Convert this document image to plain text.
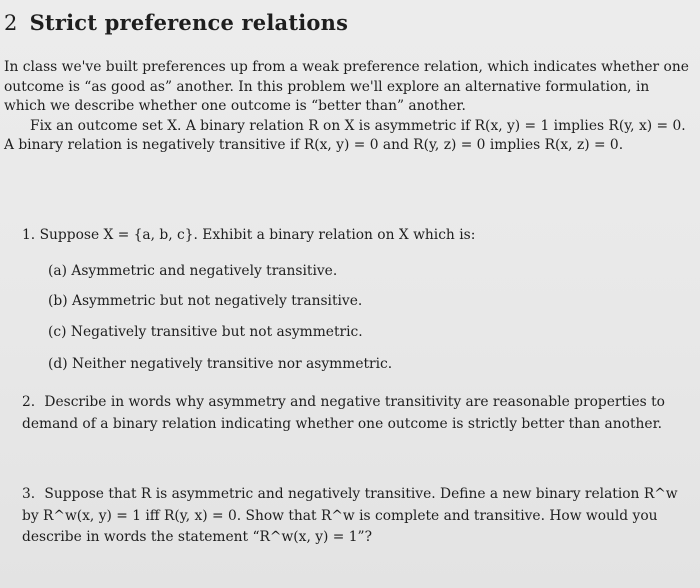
2 Strict preference relations

In class we've built preferences up from a weak preference relation, which indicates whether one outcome is “as good as” another. In this problem we'll explore an alternative formulation, in which we describe whether one outcome is “better than” another.

Fix an outcome set X. A binary relation R on X is asymmetric if R(x, y) = 1 implies R(y, x) = 0. A binary relation is negatively transitive if R(x, y) = 0 and R(y, z) = 0 implies R(x, z) = 0.

1. Suppose X = {a, b, c}. Exhibit a binary relation on X which is:
(a) Asymmetric and negatively transitive.
(b) Asymmetric but not negatively transitive.
(c) Negatively transitive but not asymmetric.
(d) Neither negatively transitive nor asymmetric.
2. Describe in words why asymmetry and negative transitivity are reasonable properties to demand of a binary relation indicating whether one outcome is strictly better than another.
3. Suppose that R is asymmetric and negatively transitive. Define a new binary relation R^w by R^w(x, y) = 1 iff R(y, x) = 0. Show that R^w is complete and transitive. How would you describe in words the statement “R^w(x, y) = 1”?
